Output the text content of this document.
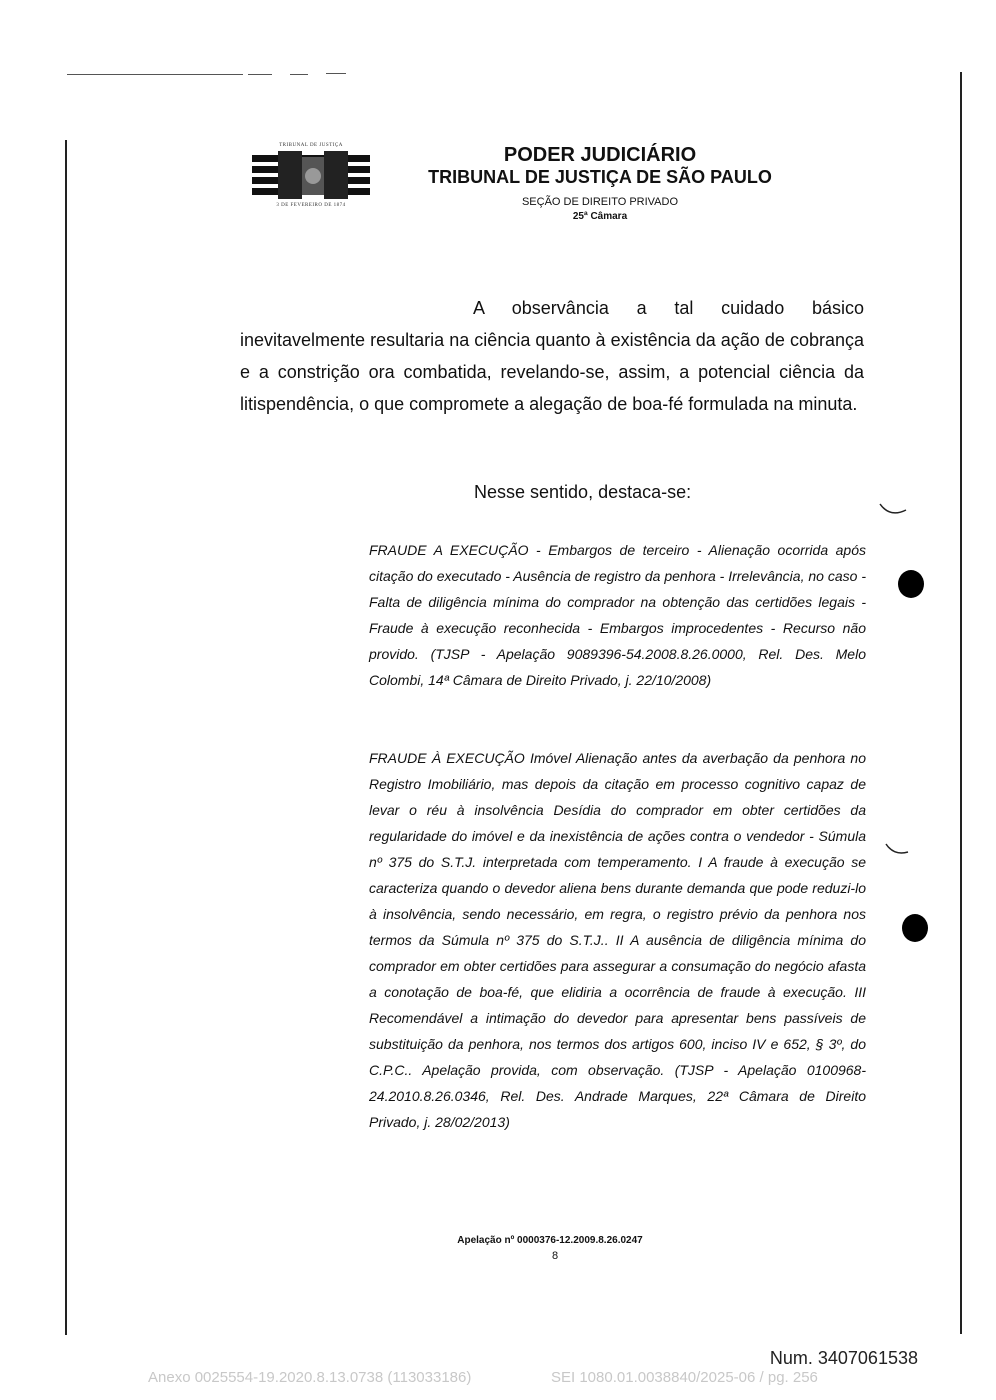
TRIBUNAL DE JUSTIÇA
3 DE FEVEREIRO DE 1874
PODER JUDICIÁRIO
TRIBUNAL DE JUSTIÇA DE SÃO PAULO
SEÇÃO DE DIREITO PRIVADO
25ª Câmara
A observância a tal cuidado básico inevitavelmente resultaria na ciência quanto à existência da ação de cobrança e a constrição ora combatida, revelando-se, assim, a potencial ciência da litispendência, o que compromete a alegação de boa-fé formulada na minuta.
Nesse sentido, destaca-se:
FRAUDE A EXECUÇÃO - Embargos de terceiro - Alienação ocorrida após citação do executado - Ausência de registro da penhora - Irrelevância, no caso - Falta de diligência mínima do comprador na obtenção das certidões legais - Fraude à execução reconhecida - Embargos improcedentes - Recurso não provido. (TJSP - Apelação 9089396-54.2008.8.26.0000, Rel. Des. Melo Colombi, 14ª Câmara de Direito Privado, j. 22/10/2008)
FRAUDE À EXECUÇÃO Imóvel Alienação antes da averbação da penhora no Registro Imobiliário, mas depois da citação em processo cognitivo capaz de levar o réu à insolvência Desídia do comprador em obter certidões da regularidade do imóvel e da inexistência de ações contra o vendedor - Súmula nº 375 do S.T.J. interpretada com temperamento. I A fraude à execução se caracteriza quando o devedor aliena bens durante demanda que pode reduzi-lo à insolvência, sendo necessário, em regra, o registro prévio da penhora nos termos da Súmula nº 375 do S.T.J.. II A ausência de diligência mínima do comprador em obter certidões para assegurar a consumação do negócio afasta a conotação de boa-fé, que elidiria a ocorrência de fraude à execução. III Recomendável a intimação do devedor para apresentar bens passíveis de substituição da penhora, nos termos dos artigos 600, inciso IV e 652, § 3º, do C.P.C.. Apelação provida, com observação. (TJSP - Apelação 0100968-24.2010.8.26.0346, Rel. Des. Andrade Marques, 22ª Câmara de Direito Privado, j. 28/02/2013)
Apelação nº 0000376-12.2009.8.26.0247
8
Num. 3407061538
Anexo 0025554-19.2020.8.13.0738 (113033186)	SEI 1080.01.0038840/2025-06 / pg. 256
